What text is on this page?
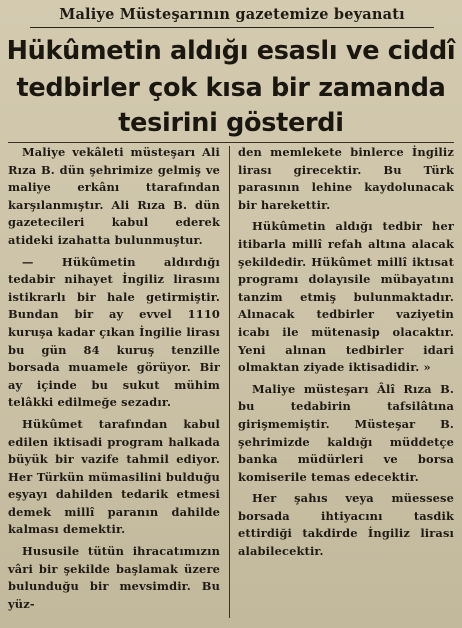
Maliye Müsteşarının gazetemize beyanatı
Hükûmetin aldığı esaslı ve ciddî
tedbirler çok kısa bir zamanda
tesirini gösterdi

Maliye vekâleti müsteşarı Ali Rıza B. dün şehrimize gelmiş ve maliye erkânı ttarafından karşılanmıştır. Ali Rıza B. dün gazetecileri kabul ederek atideki izahatta bulunmuştur.

— Hükûmetin aldırdığı tedabir nihayet İngiliz lirasını istikrarlı bir hale getirmiştir. Bundan bir ay evvel 1110 kuruşa kadar çıkan İngilie lirası bu gün 84 kuruş tenzille borsada muamele görüyor. Bir ay içinde bu sukut mühim telâkki edilmeğe sezadır.

Hükûmet tarafından kabul edilen iktisadi program halkada büyük bir vazife tahmil ediyor. Her Türkün mümasilini bulduğu eşyayı dahilden tedarik etmesi demek millî paranın dahilde kalması demektir.

Hususile tütün ihracatımızın vâri bir şekilde başlamak üzere bulunduğu bir mevsimdir. Bu yüz-

den memlekete binlerce İngiliz lirası girecektir. Bu Türk parasının lehine kaydolunacak bir harekettir.

Hükûmetin aldığı tedbir her itibarla millî refah altına alacak şekildedir. Hükûmet millî iktısat programı dolayısile mübayatını tanzim etmiş bulunmaktadır. Alınacak tedbirler vaziyetin icabı ile mütenasip olacaktır. Yeni alınan tedbirler idari olmaktan ziyade iktisadidir. »

Maliye müsteşarı Âlî Rıza B. bu tedabirin tafsilâtına girişmemiştir. Müsteşar B. şehrimizde kaldığı müddetçe banka müdürleri ve borsa komiserile temas edecektir.

Her şahıs veya müessese borsada ihtiyacını tasdik ettirdiği takdirde İngiliz lirası alabilecektir.
